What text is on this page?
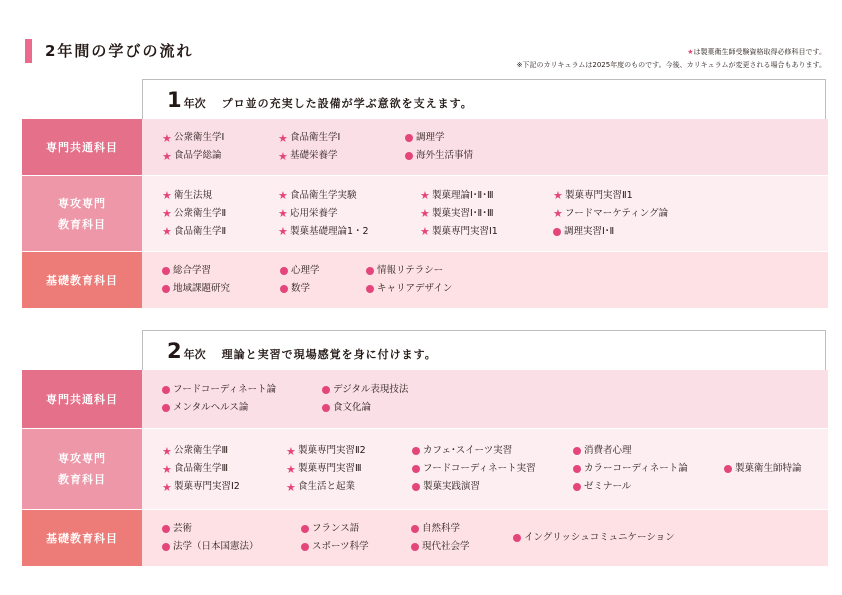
2年間の学びの流れ	★は製菓衛生師受験資格取得必修科目です。
※下記のカリキュラムは2025年度のものです。今後、カリキュラムが変更される場合もあります。
1 年次 プロ並の充実した設備が学ぶ意欲を支えます。
専門共通科目
★ 公衆衛生学Ⅰ
★ 食品学総論
★ 食品衛生学Ⅰ
★ 基礎栄養学
調理学
海外生活事情
専攻専門
教育科目
★ 衛生法規
★ 公衆衛生学Ⅱ
★ 食品衛生学Ⅱ
★ 食品衛生学実験
★ 応用栄養学
★ 製菓基礎理論1・2
★ 製菓理論Ⅰ･Ⅱ･Ⅲ
★ 製菓実習Ⅰ･Ⅱ･Ⅲ
★ 製菓専門実習Ⅰ1
★ 製菓専門実習Ⅱ1
★ フードマーケティング論
調理実習Ⅰ･Ⅱ
基礎教育科目
総合学習
地域課題研究
心理学
数学
情報リテラシー
キャリアデザイン
2 年次 理論と実習で現場感覚を身に付けます。
専門共通科目
フードコーディネート論
メンタルヘルス論
デジタル表現技法
食文化論
専攻専門
教育科目
★ 公衆衛生学Ⅲ
★ 食品衛生学Ⅲ
★ 製菓専門実習Ⅰ2
★ 製菓専門実習Ⅱ2
★ 製菓専門実習Ⅲ
★ 食生活と起業
カフェ･スイーツ実習
フードコーディネート実習
製菓実践演習
消費者心理
カラーコーディネート論
ゼミナール
製菓衛生師特論
基礎教育科目
芸術
法学（日本国憲法）
フランス語
スポーツ科学
自然科学
現代社会学
イングリッシュコミュニケーション
